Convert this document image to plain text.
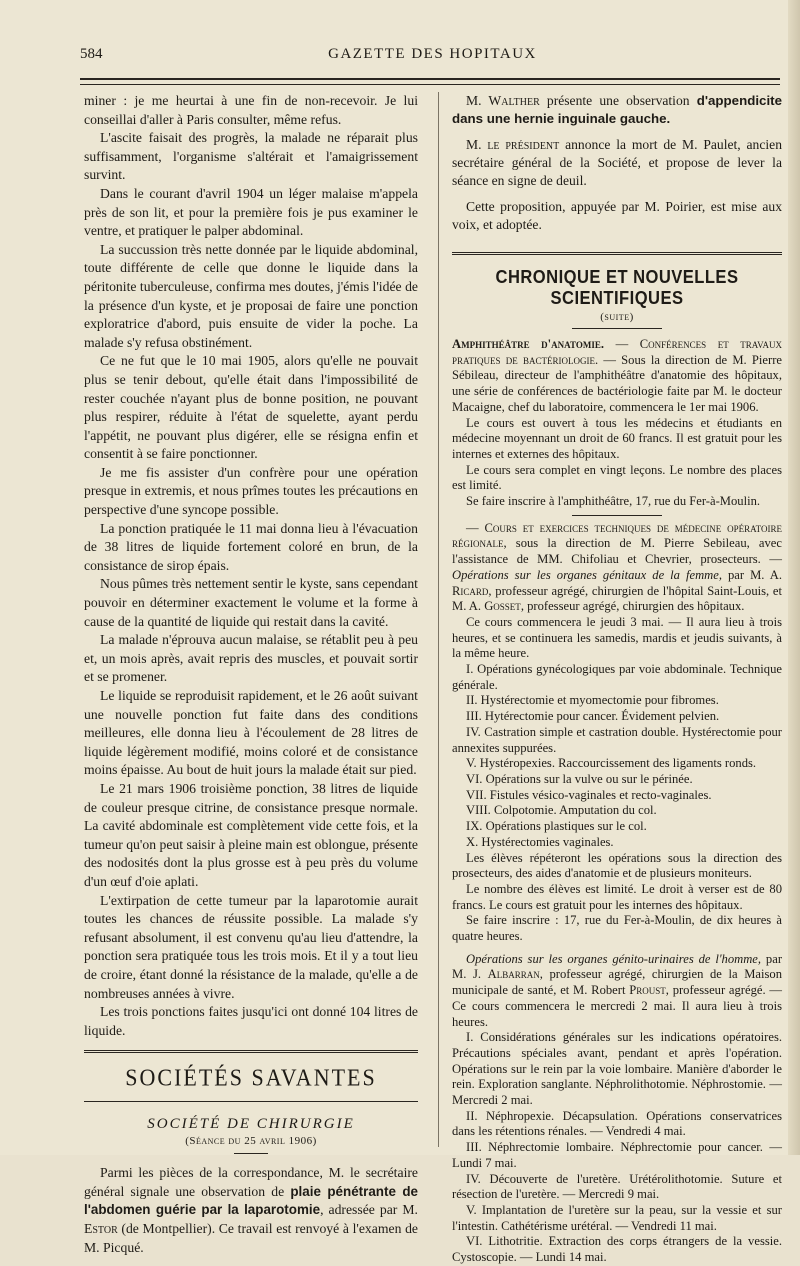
584	GAZETTE DES HOPITAUX

miner : je me heurtai à une fin de non-recevoir. Je lui conseillai d'aller à Paris consulter, même refus.

L'ascite faisait des progrès, la malade ne réparait plus suffisamment, l'organisme s'altérait et l'amaigrissement survint.

Dans le courant d'avril 1904 un léger malaise m'appela près de son lit, et pour la première fois je pus examiner le ventre, et pratiquer le palper abdominal.

La succussion très nette donnée par le liquide abdominal, toute différente de celle que donne le liquide dans la péritonite tuberculeuse, confirma mes doutes, j'émis l'idée de la présence d'un kyste, et je proposai de faire une ponction exploratrice d'abord, puis ensuite de vider la poche. La malade s'y refusa obstinément.

Ce ne fut que le 10 mai 1905, alors qu'elle ne pouvait plus se tenir debout, qu'elle était dans l'impossibilité de rester couchée n'ayant plus de bonne position, ne pouvant plus respirer, réduite à l'état de squelette, ayant perdu l'appétit, ne pouvant plus digérer, elle se résigna enfin et consentit à se faire ponctionner.

Je me fis assister d'un confrère pour une opération presque in extremis, et nous prîmes toutes les précautions en perspective d'une syncope possible.

La ponction pratiquée le 11 mai donna lieu à l'évacuation de 38 litres de liquide fortement coloré en brun, de la consistance de sirop épais.

Nous pûmes très nettement sentir le kyste, sans cependant pouvoir en déterminer exactement le volume et la forme à cause de la quantité de liquide qui restait dans la cavité.

La malade n'éprouva aucun malaise, se rétablit peu à peu et, un mois après, avait repris des muscles, et pouvait sortir et se promener.

Le liquide se reproduisit rapidement, et le 26 août suivant une nouvelle ponction fut faite dans des conditions meilleures, elle donna lieu à l'écoulement de 28 litres de liquide légèrement modifié, moins coloré et de consistance moins épaisse. Au bout de huit jours la malade était sur pied.

Le 21 mars 1906 troisième ponction, 38 litres de liquide de couleur presque citrine, de consistance presque normale. La cavité abdominale est complètement vide cette fois, et la tumeur qu'on peut saisir à pleine main est oblongue, présente des nodosités dont la plus grosse est à peu près du volume d'un œuf d'oie aplati.

L'extirpation de cette tumeur par la laparotomie aurait toutes les chances de réussite possible. La malade s'y refusant absolument, il est convenu qu'au lieu d'attendre, la ponction sera pratiquée tous les trois mois. Et il y a tout lieu de croire, étant donné la résistance de la malade, qu'elle a de nombreuses années à vivre.

Les trois ponctions faites jusqu'ici ont donné 104 litres de liquide.

SOCIÉTÉS SAVANTES
SOCIÉTÉ DE CHIRURGIE
(Séance du 25 avril 1906)

Parmi les pièces de la correspondance, M. le secrétaire général signale une observation de plaie pénétrante de l'abdomen guérie par la laparotomie, adressée par M. Estor (de Montpellier). Ce travail est renvoyé à l'examen de M. Picqué.

M. Walther présente une observation d'appendicite dans une hernie inguinale gauche.

M. le président annonce la mort de M. Paulet, ancien secrétaire général de la Société, et propose de lever la séance en signe de deuil.

Cette proposition, appuyée par M. Poirier, est mise aux voix, et adoptée.

CHRONIQUE ET NOUVELLES SCIENTIFIQUES
(suite)

Amphithéâtre d'anatomie. — Conférences et travaux pratiques de bactériologie. — Sous la direction de M. Pierre Sébileau, directeur de l'amphithéâtre d'anatomie des hôpitaux, une série de conférences de bactériologie faite par M. le docteur Macaigne, chef du laboratoire, commencera le 1er mai 1906.

Le cours est ouvert à tous les médecins et étudiants en médecine moyennant un droit de 60 francs. Il est gratuit pour les internes et externes des hôpitaux.

Le cours sera complet en vingt leçons. Le nombre des places est limité.

Se faire inscrire à l'amphithéâtre, 17, rue du Fer-à-Moulin.

— Cours et exercices techniques de médecine opératoire régionale, sous la direction de M. Pierre Sebileau, avec l'assistance de MM. Chifoliau et Chevrier, prosecteurs. — Opérations sur les organes génitaux de la femme, par M. A. Ricard, professeur agrégé, chirurgien de l'hôpital Saint-Louis, et M. A. Gosset, professeur agrégé, chirurgien des hôpitaux.

Ce cours commencera le jeudi 3 mai. — Il aura lieu à trois heures, et se continuera les samedis, mardis et jeudis suivants, à la même heure.

I. Opérations gynécologiques par voie abdominale. Technique générale.

II. Hystérectomie et myomectomie pour fibromes.

III. Hytérectomie pour cancer. Évidement pelvien.

IV. Castration simple et castration double. Hystérectomie pour annexites suppurées.

V. Hystéropexies. Raccourcissement des ligaments ronds.

VI. Opérations sur la vulve ou sur le périnée.

VII. Fistules vésico-vaginales et recto-vaginales.

VIII. Colpotomie. Amputation du col.

IX. Opérations plastiques sur le col.

X. Hystérectomies vaginales.

Les élèves répéteront les opérations sous la direction des prosecteurs, des aides d'anatomie et de plusieurs moniteurs.

Le nombre des élèves est limité. Le droit à verser est de 80 francs. Le cours est gratuit pour les internes des hôpitaux.

Se faire inscrire : 17, rue du Fer-à-Moulin, de dix heures à quatre heures.

Opérations sur les organes génito-urinaires de l'homme, par M. J. Albarran, professeur agrégé, chirurgien de la Maison municipale de santé, et M. Robert Proust, professeur agrégé. — Ce cours commencera le mercredi 2 mai. Il aura lieu à trois heures.

I. Considérations générales sur les indications opératoires. Précautions spéciales avant, pendant et après l'opération. Opérations sur le rein par la voie lombaire. Manière d'aborder le rein. Exploration sanglante. Néphrolithotomie. Néphrostomie. — Mercredi 2 mai.

II. Néphropexie. Décapsulation. Opérations conservatrices dans les rétentions rénales. — Vendredi 4 mai.

III. Néphrectomie lombaire. Néphrectomie pour cancer. — Lundi 7 mai.

IV. Découverte de l'uretère. Urétérolithotomie. Suture et résection de l'uretère. — Mercredi 9 mai.

V. Implantation de l'uretère sur la peau, sur la vessie et sur l'intestin. Cathétérisme urétéral. — Vendredi 11 mai.

VI. Lithotritie. Extraction des corps étrangers de la vessie. Cystoscopie. — Lundi 14 mai.
